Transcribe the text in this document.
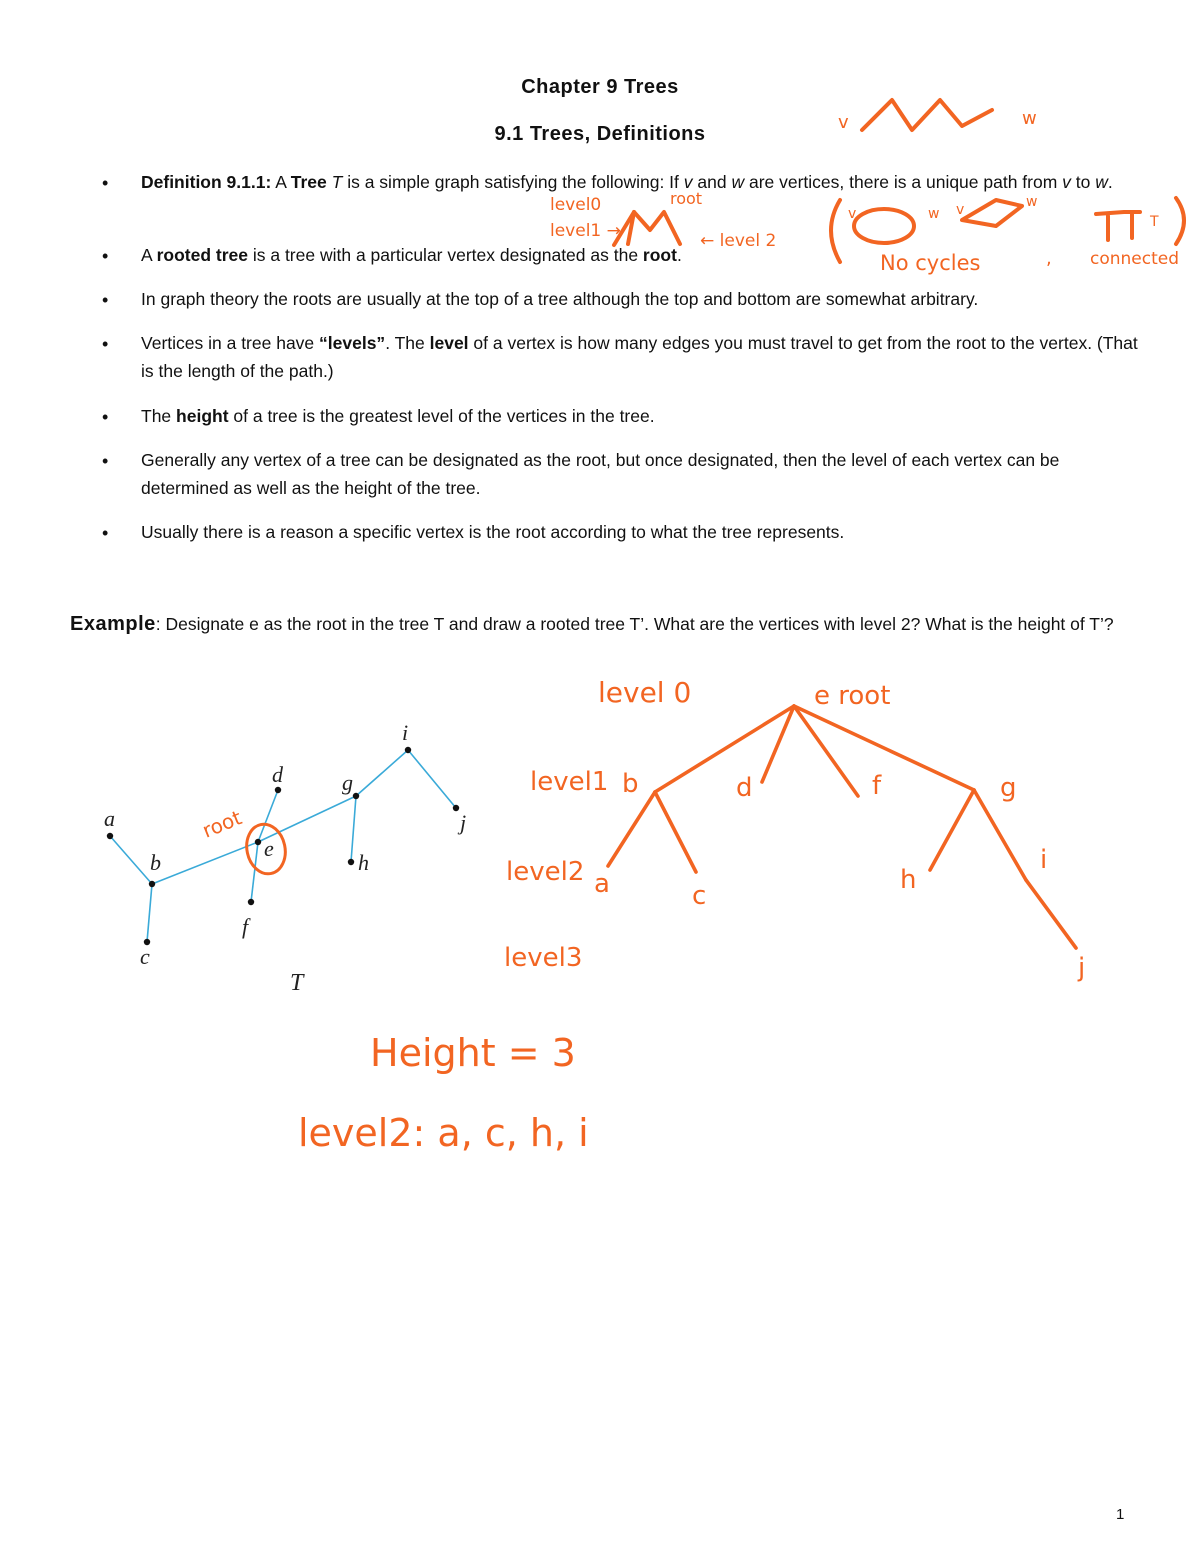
Chapter 9 Trees
9.1 Trees, Definitions
• Definition 9.1.1: A Tree T is a simple graph satisfying the following: If v and w are vertices, there is a unique path from v to w.
• A rooted tree is a tree with a particular vertex designated as the root.
• In graph theory the roots are usually at the top of a tree although the top and bottom are somewhat arbitrary.
• Vertices in a tree have “levels”. The level of a vertex is how many edges you must travel to get from the root to the vertex. (That is the length of the path.)
• The height of a tree is the greatest level of the vertices in the tree.
• Generally any vertex of a tree can be designated as the root, but once designated, then the level of each vertex can be determined as well as the height of the tree.
• Usually there is a reason a specific vertex is the root according to what the tree represents.
Example: Designate e as the root in the tree T and draw a rooted tree T’. What are the vertices with level 2? What is the height of T’?
1
a
b
c
d
e
f
g
h
i
j
T
v	w
level0
level1 →	← level 2
root
v	w v	w
No cycles	, connected
T
root
b	d	f	g
a	c
h
i
j
level 0
level1
level2
level3
e root
Height = 3
level2: a, c, h, i
